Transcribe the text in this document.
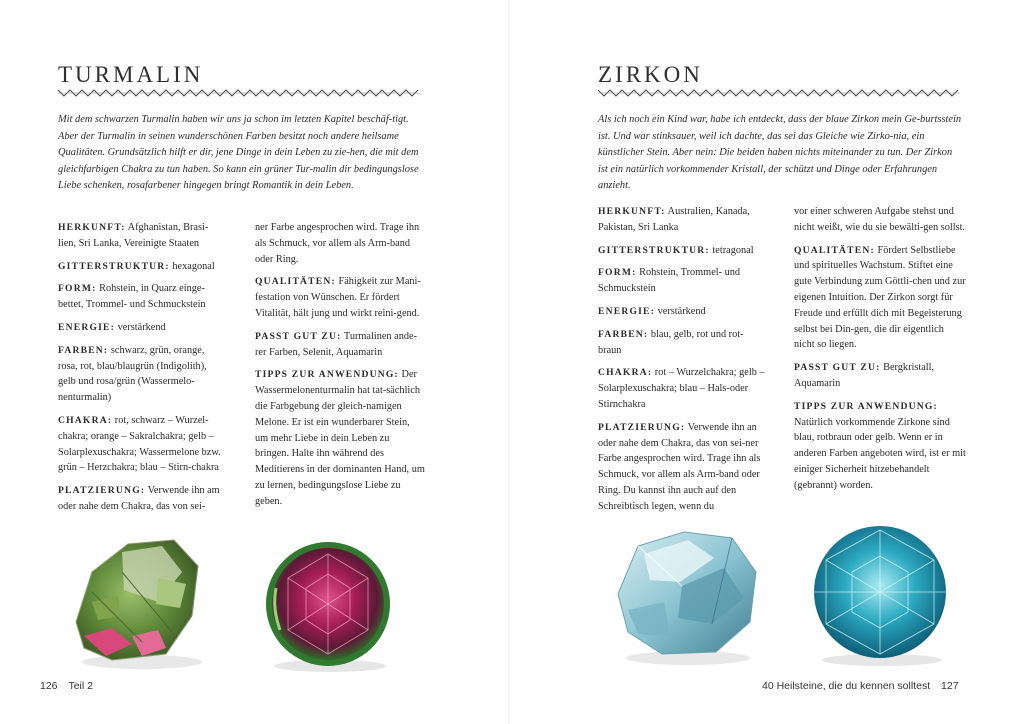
TURMALIN

Mit dem schwarzen Turmalin haben wir uns ja schon im letzten Kapitel beschäf-tigt. Aber der Turmalin in seinen wunderschönen Farben besitzt noch andere heilsame Qualitäten. Grundsätzlich hilft er dir, jene Dinge in dein Leben zu zie-hen, die mit dem gleichfarbigen Chakra zu tun haben. So kann ein grüner Tur-malin dir bedingungslose Liebe schenken, rosafarbener hingegen bringt Romantik in dein Leben.

HERKUNFT: Afghanistan, Brasi-lien, Sri Lanka, Vereinigte Staaten

GITTERSTRUKTUR: hexagonal

FORM: Rohstein, in Quarz einge-bettet, Trommel- und Schmuckstein

ENERGIE: verstärkend

FARBEN: schwarz, grün, orange, rosa, rot, blau/blaugrün (Indigolith), gelb und rosa/grün (Wassermelo-nenturmalin)

CHAKRA: rot, schwarz – Wurzel-chakra; orange – Sakralchakra; gelb – Solarplexuschakra; Wassermelone bzw. grün – Herzchakra; blau – Stirn-chakra

PLATZIERUNG: Verwende ihn am oder nahe dem Chakra, das von sei-

ner Farbe angesprochen wird. Trage ihn als Schmuck, vor allem als Arm-band oder Ring.

QUALITÄTEN: Fähigkeit zur Mani-festation von Wünschen. Er fördert Vitalität, hält jung und wirkt reini-gend.

PASST GUT ZU: Turmalinen ande-rer Farben, Selenit, Aquamarin

TIPPS ZUR ANWENDUNG: Der Wassermelonenturmalin hat tat-sächlich die Farbgebung der gleich-namigen Melone. Er ist ein wunderbarer Stein, um mehr Liebe in dein Leben zu bringen. Halte ihn während des Meditierens in der dominanten Hand, um zu lernen, bedingungslose Liebe zu geben.

126 Teil 2
ZIRKON

Als ich noch ein Kind war, habe ich entdeckt, dass der blaue Zirkon mein Ge-burtsstein ist. Und war stinksauer, weil ich dachte, das sei das Gleiche wie Zirko-nia, ein künstlicher Stein. Aber nein: Die beiden haben nichts miteinander zu tun. Der Zirkon ist ein natürlich vorkommender Kristall, der schützt und Dinge oder Erfahrungen anzieht.

HERKUNFT: Australien, Kanada, Pakistan, Sri Lanka

GITTERSTRUKTUR: tetragonal

FORM: Rohstein, Trommel- und Schmuckstein

ENERGIE: verstärkend

FARBEN: blau, gelb, rot und rot-braun

CHAKRA: rot – Wurzelchakra; gelb – Solarplexuschakra; blau – Hals-oder Stirnchakra

PLATZIERUNG: Verwende ihn an oder nahe dem Chakra, das von sei-ner Farbe angesprochen wird. Trage ihn als Schmuck, vor allem als Arm-band oder Ring. Du kannst ihn auch auf den Schreibtisch legen, wenn du

vor einer schweren Aufgabe stehst und nicht weißt, wie du sie bewälti-gen sollst.

QUALITÄTEN: Fördert Selbstliebe und spirituelles Wachstum. Stiftet eine gute Verbindung zum Göttli-chen und zur eigenen Intuition. Der Zirkon sorgt für Freude und erfüllt dich mit Begeisterung selbst bei Din-gen, die dir eigentlich nicht so liegen.

PASST GUT ZU: Bergkristall, Aquamarin

TIPPS ZUR ANWENDUNG: Natürlich vorkommende Zirkone sind blau, rotbraun oder gelb. Wenn er in anderen Farben angeboten wird, ist er mit einiger Sicherheit hitzebehandelt (gebrannt) worden.

40 Heilsteine, die du kennen solltest 127
